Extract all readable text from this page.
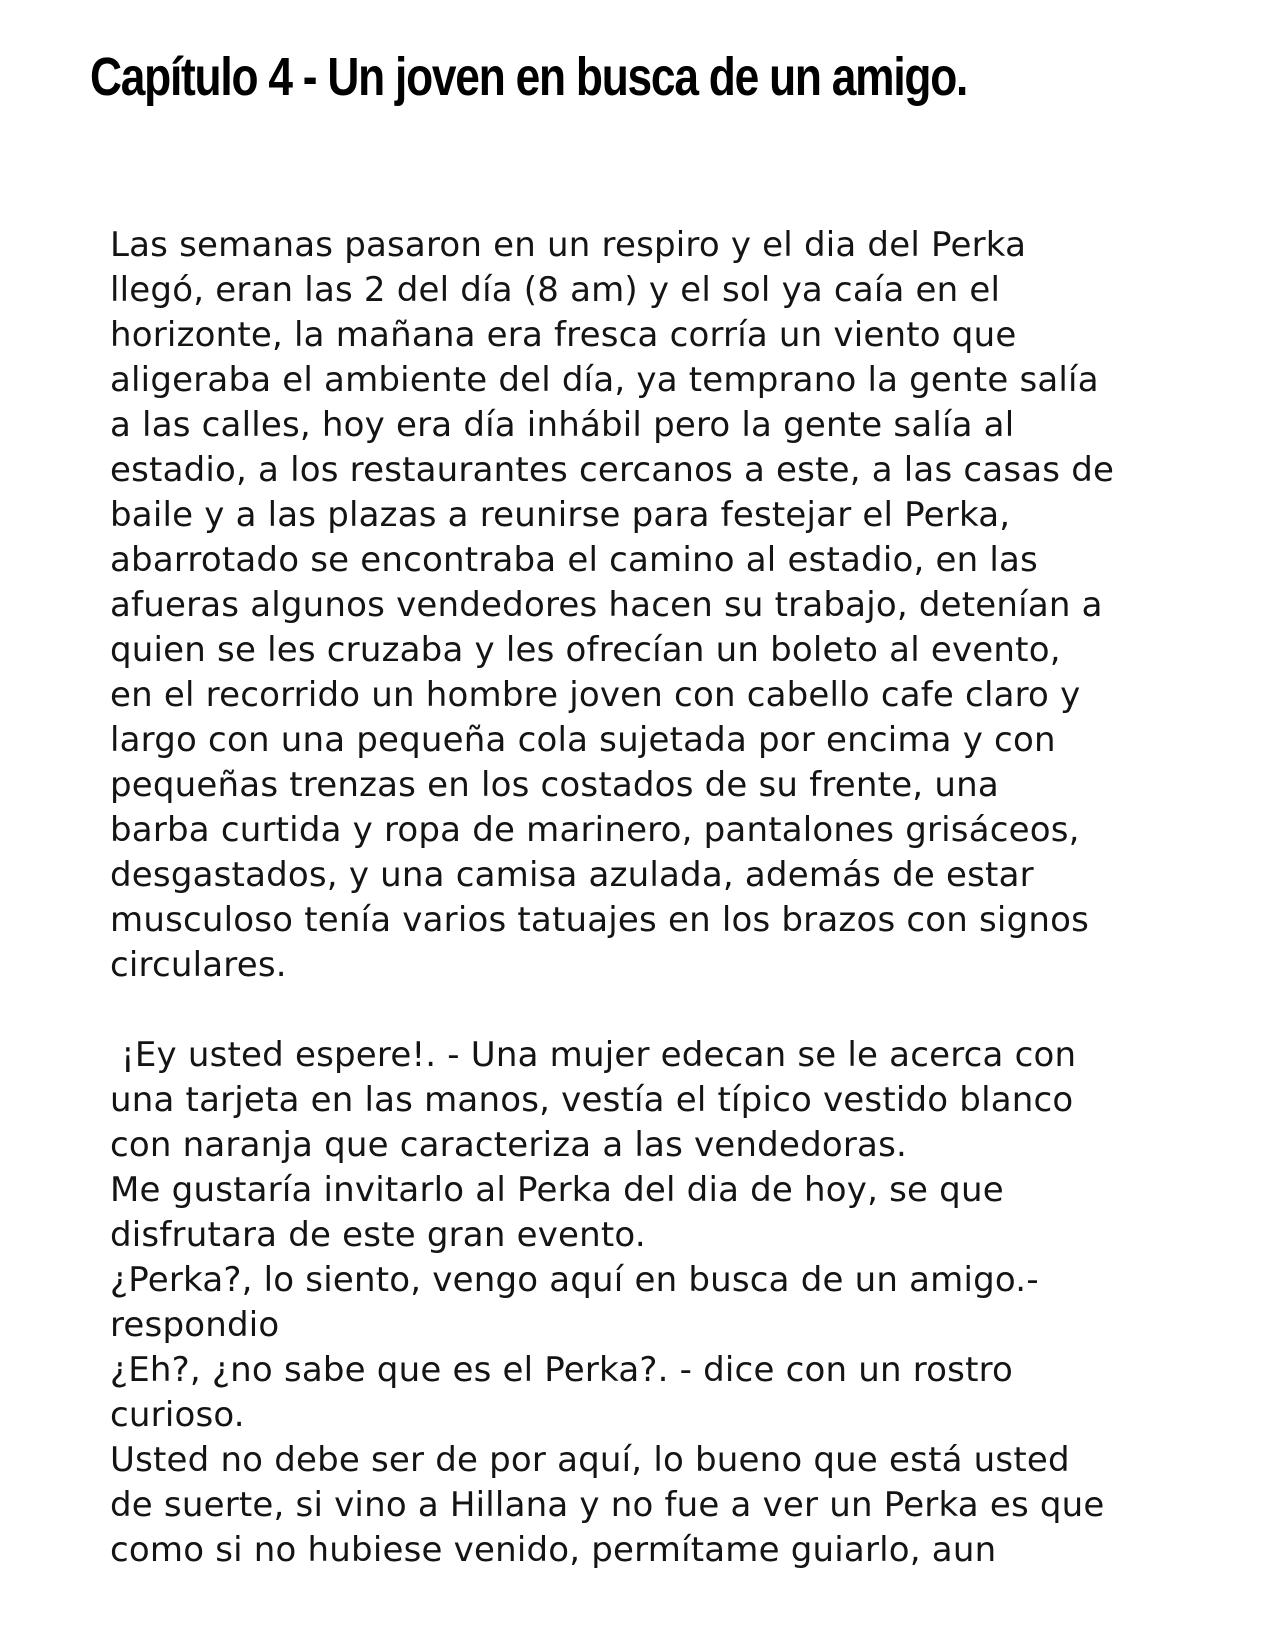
Capítulo 4 - Un joven en busca de un amigo.

Las semanas pasaron en un respiro y el dia del Perka
llegó, eran las 2 del día (8 am) y el sol ya caía en el
horizonte, la mañana era fresca corría un viento que
aligeraba el ambiente del día, ya temprano la gente salía
a las calles, hoy era día inhábil pero la gente salía al
estadio, a los restaurantes cercanos a este, a las casas de
baile y a las plazas a reunirse para festejar el Perka,
abarrotado se encontraba el camino al estadio, en las
afueras algunos vendedores hacen su trabajo, detenían a
quien se les cruzaba y les ofrecían un boleto al evento,
en el recorrido un hombre joven con cabello cafe claro y
largo con una pequeña cola sujetada por encima y con
pequeñas trenzas en los costados de su frente, una
barba curtida y ropa de marinero, pantalones grisáceos,
desgastados, y una camisa azulada, además de estar
musculoso tenía varios tatuajes en los brazos con signos
circulares.

¡Ey usted espere!. - Una mujer edecan se le acerca con
una tarjeta en las manos, vestía el típico vestido blanco
con naranja que caracteriza a las vendedoras.

Me gustaría invitarlo al Perka del dia de hoy, se que
disfrutara de este gran evento.

¿Perka?, lo siento, vengo aquí en busca de un amigo.-
respondio

¿Eh?, ¿no sabe que es el Perka?. - dice con un rostro
curioso.

Usted no debe ser de por aquí, lo bueno que está usted
de suerte, si vino a Hillana y no fue a ver un Perka es que
como si no hubiese venido, permítame guiarlo, aun
